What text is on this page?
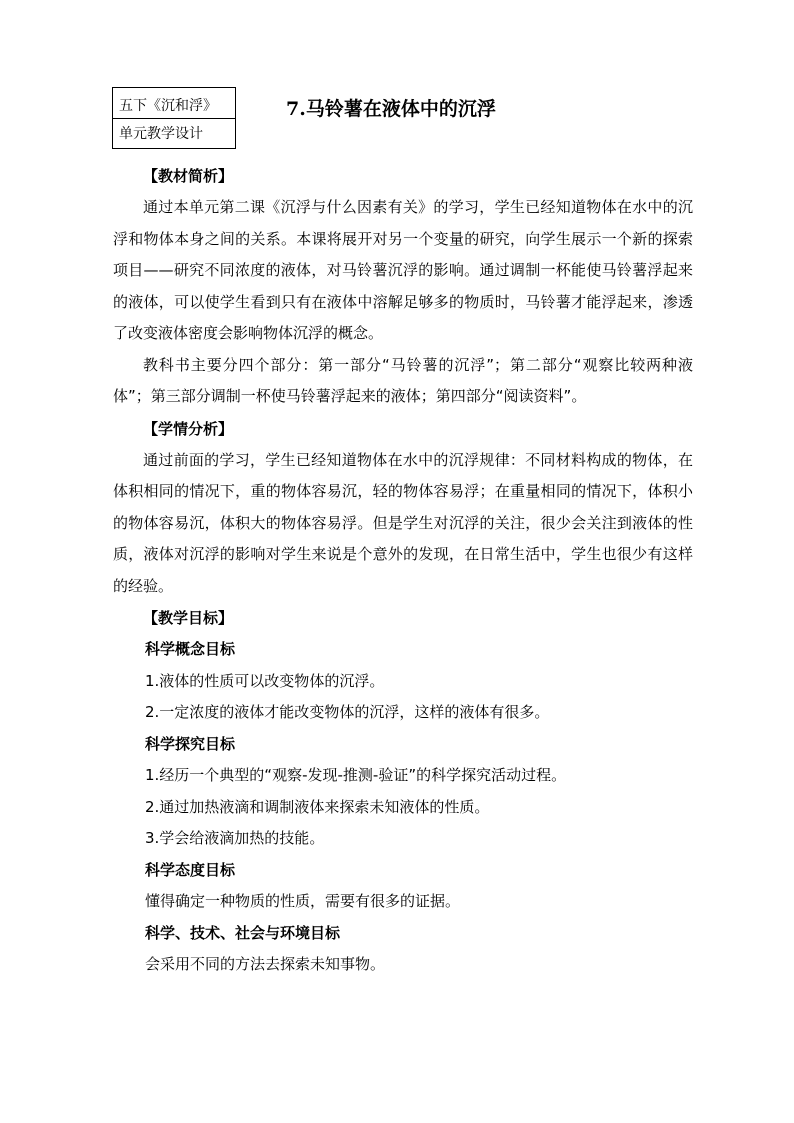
五下《沉和浮》
单元教学设计
7.马铃薯在液体中的沉浮
【教材简析】

通过本单元第二课《沉浮与什么因素有关》的学习，学生已经知道物体在水中的沉浮和物体本身之间的关系。本课将展开对另一个变量的研究，向学生展示一个新的探索项目——研究不同浓度的液体，对马铃薯沉浮的影响。通过调制一杯能使马铃薯浮起来的液体，可以使学生看到只有在液体中溶解足够多的物质时，马铃薯才能浮起来，渗透了改变液体密度会影响物体沉浮的概念。

教科书主要分四个部分：第一部分“马铃薯的沉浮”；第二部分“观察比较两种液体”；第三部分调制一杯使马铃薯浮起来的液体；第四部分“阅读资料”。

【学情分析】

通过前面的学习，学生已经知道物体在水中的沉浮规律：不同材料构成的物体，在体积相同的情况下，重的物体容易沉，轻的物体容易浮；在重量相同的情况下，体积小的物体容易沉，体积大的物体容易浮。但是学生对沉浮的关注，很少会关注到液体的性质，液体对沉浮的影响对学生来说是个意外的发现，在日常生活中，学生也很少有这样的经验。

【教学目标】
科学概念目标
1.液体的性质可以改变物体的沉浮。
2.一定浓度的液体才能改变物体的沉浮，这样的液体有很多。
科学探究目标
1.经历一个典型的“观察-发现-推测-验证”的科学探究活动过程。
2.通过加热液滴和调制液体来探索未知液体的性质。
3.学会给液滴加热的技能。
科学态度目标
懂得确定一种物质的性质，需要有很多的证据。
科学、技术、社会与环境目标
会采用不同的方法去探索未知事物。
